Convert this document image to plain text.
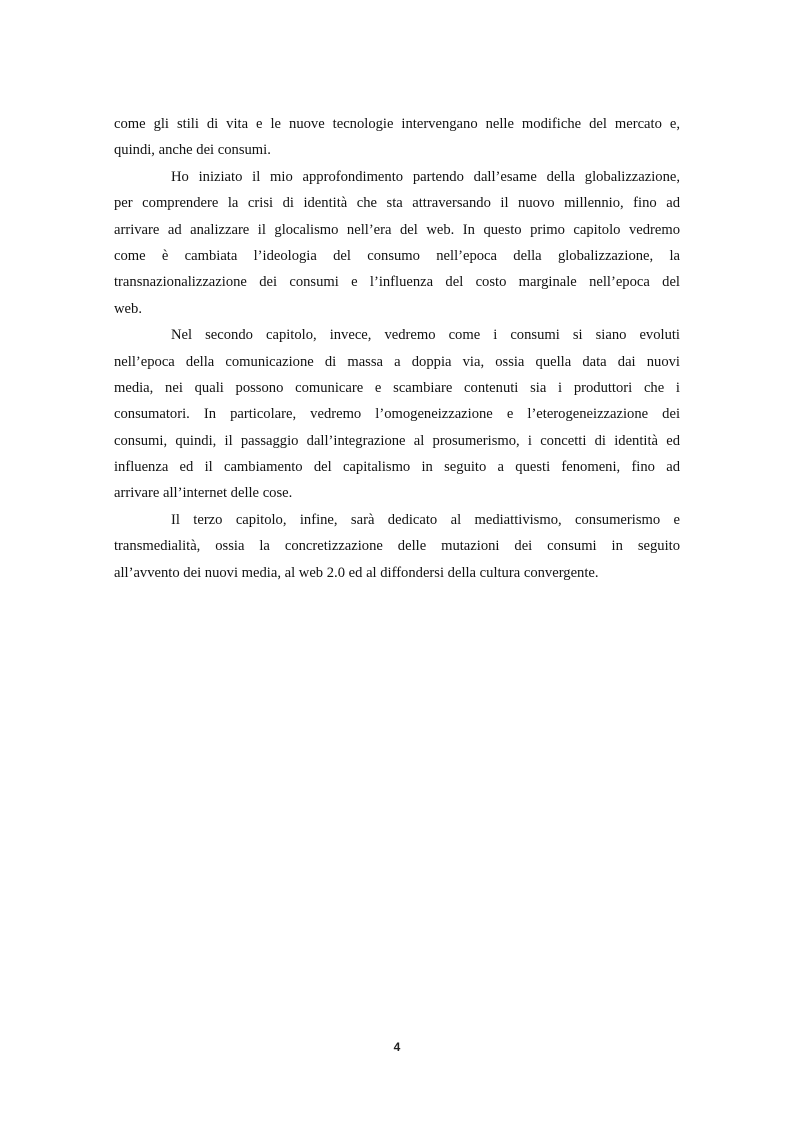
come gli stili di vita e le nuove tecnologie intervengano nelle modifiche del mercato e,
quindi, anche dei consumi.
Ho iniziato il mio approfondimento partendo dall’esame della globalizzazione,
per comprendere la crisi di identità che sta attraversando il nuovo millennio, fino ad
arrivare ad analizzare il glocalismo nell’era del web. In questo primo capitolo vedremo
come è cambiata l’ideologia del consumo nell’epoca della globalizzazione, la
transnazionalizzazione dei consumi e l’influenza del costo marginale nell’epoca del
web.
Nel secondo capitolo, invece, vedremo come i consumi si siano evoluti
nell’epoca della comunicazione di massa a doppia via, ossia quella data dai nuovi
media, nei quali possono comunicare e scambiare contenuti sia i produttori che i
consumatori. In particolare, vedremo l’omogeneizzazione e l’eterogeneizzazione dei
consumi, quindi, il passaggio dall’integrazione al prosumerismo, i concetti di identità ed
influenza ed il cambiamento del capitalismo in seguito a questi fenomeni, fino ad
arrivare all’internet delle cose.
Il terzo capitolo, infine, sarà dedicato al mediattivismo, consumerismo e
transmedialità, ossia la concretizzazione delle mutazioni dei consumi in seguito
all’avvento dei nuovi media, al web 2.0 ed al diffondersi della cultura convergente.
4
